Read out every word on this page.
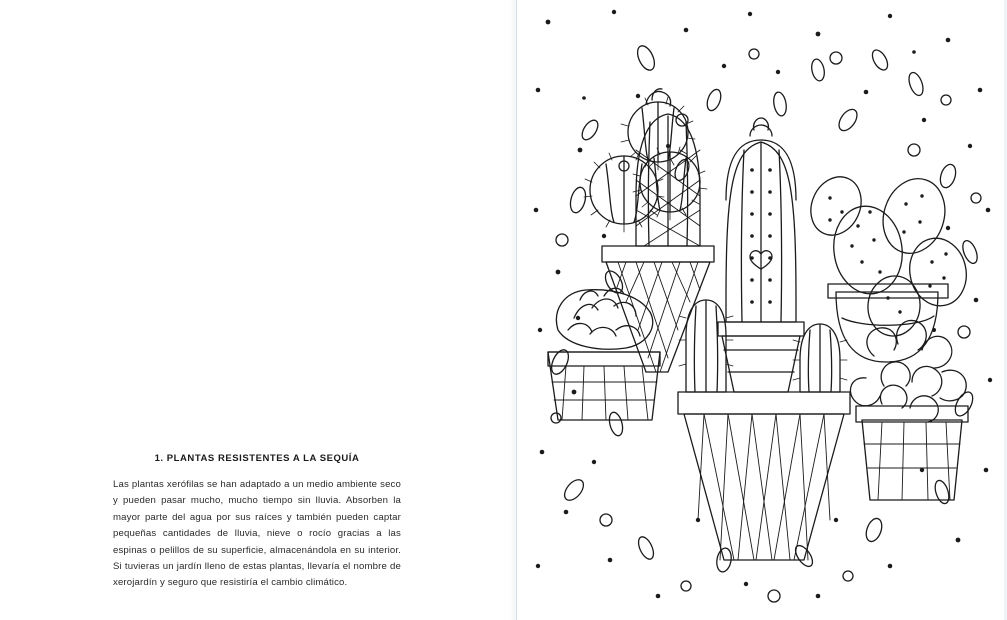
1. PLANTAS RESISTENTES A LA SEQUÍA

Las plantas xerófilas se han adaptado a un medio ambiente seco y pueden pasar mucho, mucho tiempo sin lluvia. Absorben la mayor parte del agua por sus raíces y también pueden captar pequeñas cantidades de lluvia, nieve o rocío gracias a las espinas o pelillos de su superficie, almacenándola en su interior. Si tuvieras un jardín lleno de estas plantas, llevaría el nombre de xerojardín y seguro que resistiría el cambio climático.
